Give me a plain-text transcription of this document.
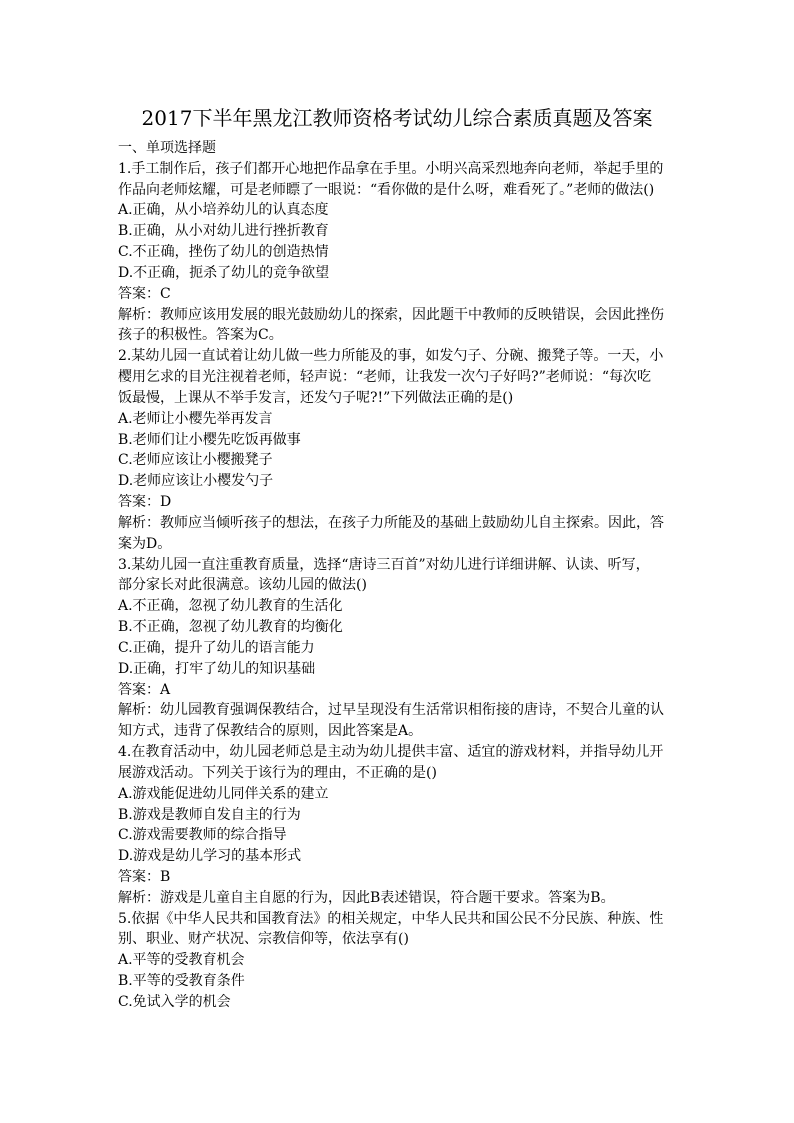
2017下半年黑龙江教师资格考试幼儿综合素质真题及答案
一、单项选择题
1.手工制作后，孩子们都开心地把作品拿在手里。小明兴高采烈地奔向老师，举起手里的
作品向老师炫耀，可是老师瞟了一眼说：“看你做的是什么呀，难看死了。”老师的做法()
A.正确，从小培养幼儿的认真态度
B.正确，从小对幼儿进行挫折教育
C.不正确，挫伤了幼儿的创造热情
D.不正确，扼杀了幼儿的竞争欲望
答案：C
解析：教师应该用发展的眼光鼓励幼儿的探索，因此题干中教师的反映错误，会因此挫伤
孩子的积极性。答案为C。
2.某幼儿园一直试着让幼儿做一些力所能及的事，如发勺子、分碗、搬凳子等。一天，小
樱用乞求的目光注视着老师，轻声说：“老师，让我发一次勺子好吗?”老师说：“每次吃
饭最慢，上课从不举手发言，还发勺子呢?!”下列做法正确的是()
A.老师让小樱先举再发言
B.老师们让小樱先吃饭再做事
C.老师应该让小樱搬凳子
D.老师应该让小樱发勺子
答案：D
解析：教师应当倾听孩子的想法，在孩子力所能及的基础上鼓励幼儿自主探索。因此，答
案为D。
3.某幼儿园一直注重教育质量，选择“唐诗三百首”对幼儿进行详细讲解、认读、听写，
部分家长对此很满意。该幼儿园的做法()
A.不正确，忽视了幼儿教育的生活化
B.不正确，忽视了幼儿教育的均衡化
C.正确，提升了幼儿的语言能力
D.正确，打牢了幼儿的知识基础
答案：A
解析：幼儿园教育强调保教结合，过早呈现没有生活常识相衔接的唐诗，不契合儿童的认
知方式，违背了保教结合的原则，因此答案是A。
4.在教育活动中，幼儿园老师总是主动为幼儿提供丰富、适宜的游戏材料，并指导幼儿开
展游戏活动。下列关于该行为的理由，不正确的是()
A.游戏能促进幼儿同伴关系的建立
B.游戏是教师自发自主的行为
C.游戏需要教师的综合指导
D.游戏是幼儿学习的基本形式
答案：B
解析：游戏是儿童自主自愿的行为，因此B表述错误，符合题干要求。答案为B。
5.依据《中华人民共和国教育法》的相关规定，中华人民共和国公民不分民族、种族、性
别、职业、财产状况、宗教信仰等，依法享有()
A.平等的受教育机会
B.平等的受教育条件
C.免试入学的机会
